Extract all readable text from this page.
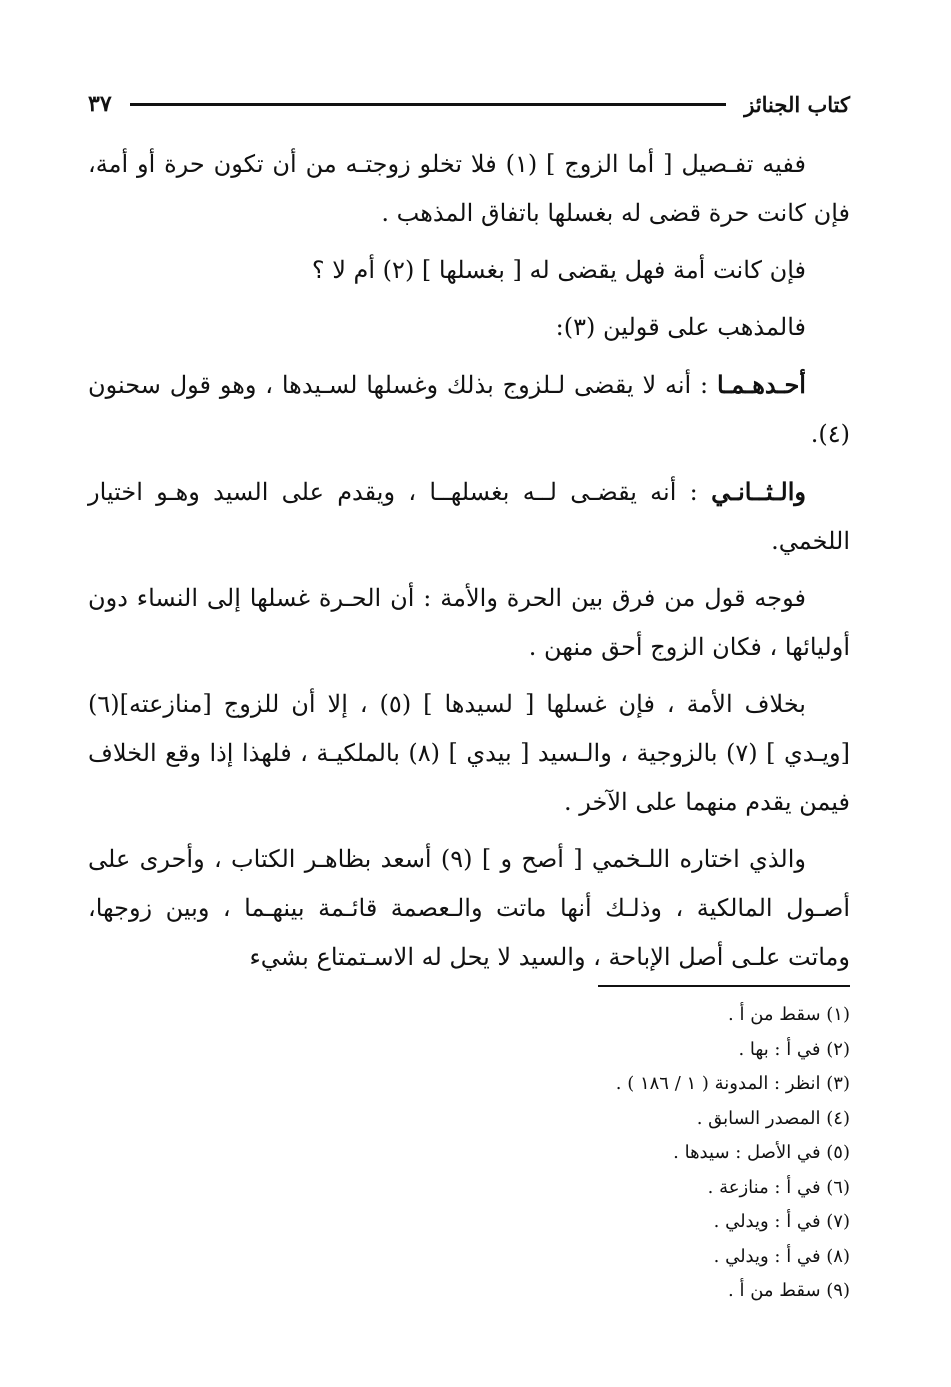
كتاب الجنائز
٣٧

ففيه تفـصيل [ أما الزوج ] (١) فلا تخلو زوجتـه من أن تكون حرة أو أمة، فإن كانت حرة قضى له بغسلها باتفاق المذهب .

فإن كانت أمة فهل يقضى له [ بغسلها ] (٢) أم لا ؟

فالمذهب على قولين (٣):

أحـدهـمـا : أنه لا يقضى لـلزوج بذلك وغسلها لسـيدها ، وهو قول سحنون (٤).

والـثــانـي : أنه يقضـى لــه بغسلهــا ، ويقدم على السيد وهـو اختيار اللخمي.

فوجه قول من فرق بين الحرة والأمة : أن الحـرة غسلها إلى النساء دون أوليائها ، فكان الزوج أحق منهن .

بخلاف الأمة ، فإن غسلها [ لسيدها ] (٥) ، إلا أن للزوج [منازعته](٦) [ويـدي ] (٧) بالزوجية ، والـسيد [ بيدي ] (٨) بالملكيـة ، فلهذا إذا وقع الخلاف فيمن يقدم منهما على الآخر .

والذي اختاره اللـخمي [ أصح و ] (٩) أسعد بظاهـر الكتاب ، وأحرى على أصـول المالكية ، وذلـك أنها ماتت والـعصمة قائـمة بينهـما ، وبين زوجها، وماتت علـى أصل الإباحة ، والسيد لا يحل له الاسـتمتاع بشيء

(١) سقط من أ .
(٢) في أ : بها .
(٣) انظر : المدونة ( ١ / ١٨٦ ) .
(٤) المصدر السابق .
(٥) في الأصل : سيدها .
(٦) في أ : منازعة .
(٧) في أ : ويدلي .
(٨) في أ : ويدلي .
(٩) سقط من أ .
